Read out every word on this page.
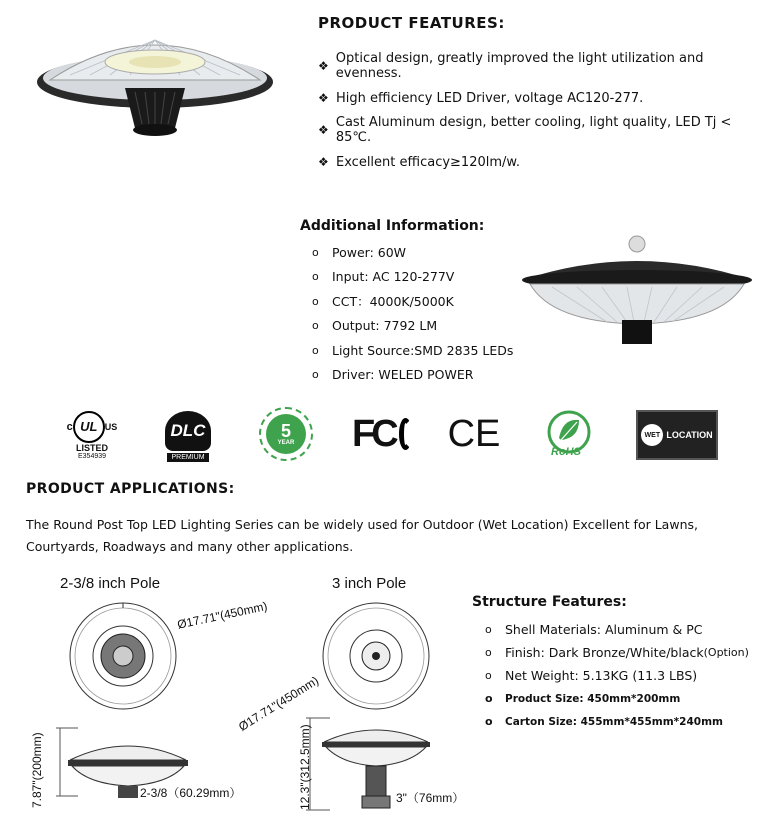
PRODUCT FEATURES:
❖ Optical design, greatly improved the light utilization and evenness.
❖ High efficiency LED Driver, voltage AC120-277.
❖ Cast Aluminum design, better cooling, light quality, LED Tj < 85℃.
❖ Excellent efficacy≥120lm/w.
Additional Information:
o	Power: 60W
o	Input: AC 120-277V
o	CCT：4000K/5000K
o	Output: 7792 LM
o	Light Source:SMD 2835 LEDs
o	Driver: WELED POWER
c UL US
LISTED
E354939
DLC
PREMIUM
5
YEAR FC CE	RoHS
WET LOCATION
PRODUCT APPLICATIONS:
The Round Post Top LED Lighting Series can be widely used for Outdoor (Wet Location) Excellent for Lawns, Courtyards, Roadways and many other applications.
2-3/8 inch Pole	3 inch Pole
Ø17.71"(450mm)
Ø17.71"(450mm)
7.87"(200mm)	2-3/8（60.29mm）	12.3"(312.5mm)	3"（76mm）
Structure Features:
o	Shell Materials: Aluminum & PC
o	Finish: Dark Bronze/White/black (Option)
o	Net Weight: 5.13KG (11.3 LBS)
o	Product Size: 450mm*200mm
o	Carton Size: 455mm*455mm*240mm
